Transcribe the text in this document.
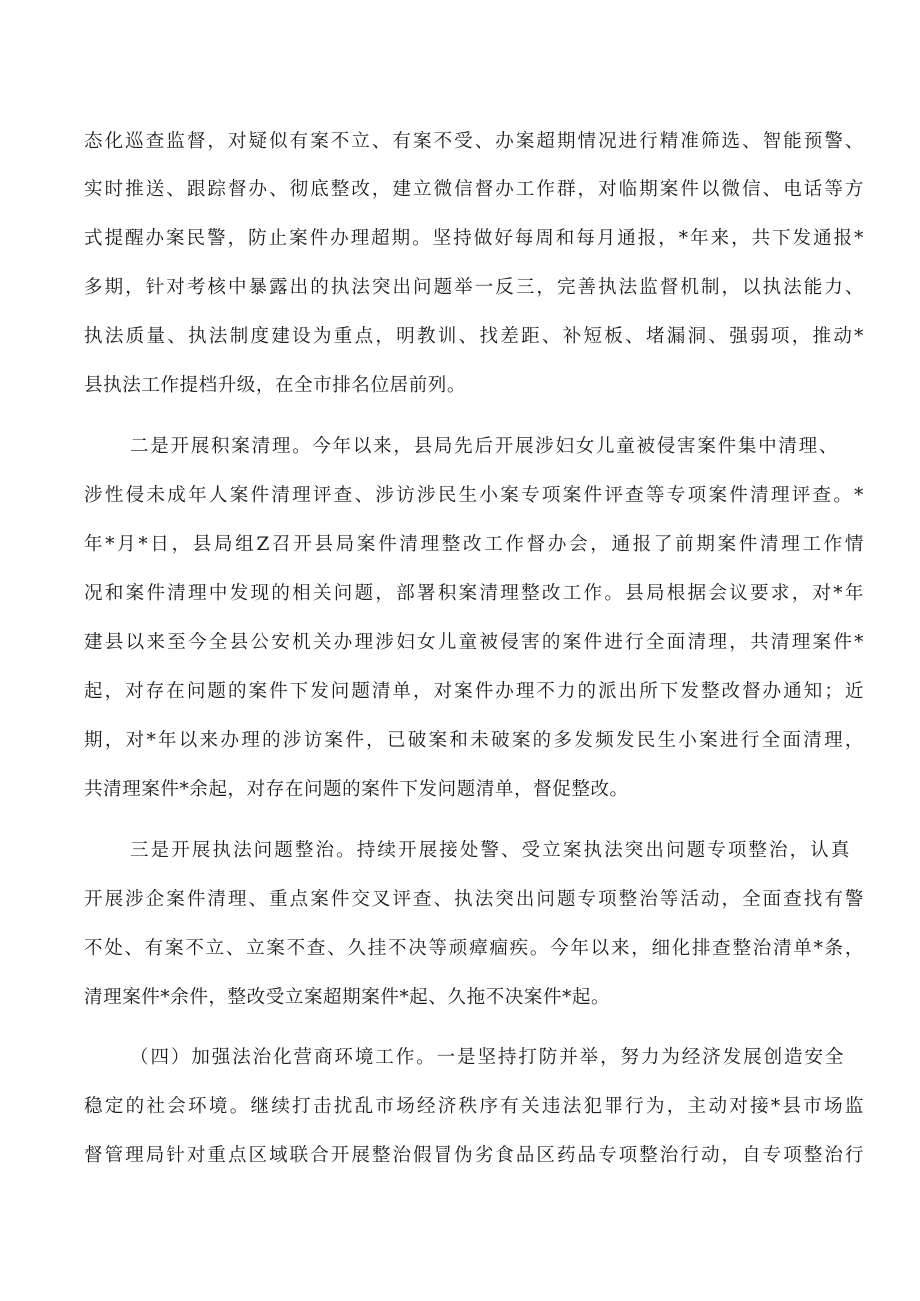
态化巡查监督，对疑似有案不立、有案不受、办案超期情况进行精准筛选、智能预警、
实时推送、跟踪督办、彻底整改，建立微信督办工作群，对临期案件以微信、电话等方
式提醒办案民警，防止案件办理超期。坚持做好每周和每月通报，*年来，共下发通报*
多期，针对考核中暴露出的执法突出问题举一反三，完善执法监督机制，以执法能力、
执法质量、执法制度建设为重点，明教训、找差距、补短板、堵漏洞、强弱项，推动*
县执法工作提档升级，在全市排名位居前列。
二是开展积案清理。今年以来，县局先后开展涉妇女儿童被侵害案件集中清理、
涉性侵未成年人案件清理评查、涉访涉民生小案专项案件评查等专项案件清理评查。*
年*月*日，县局组Z召开县局案件清理整改工作督办会，通报了前期案件清理工作情
况和案件清理中发现的相关问题，部署积案清理整改工作。县局根据会议要求，对*年
建县以来至今全县公安机关办理涉妇女儿童被侵害的案件进行全面清理，共清理案件*
起，对存在问题的案件下发问题清单，对案件办理不力的派出所下发整改督办通知；近
期，对*年以来办理的涉访案件，已破案和未破案的多发频发民生小案进行全面清理，
共清理案件*余起，对存在问题的案件下发问题清单，督促整改。
三是开展执法问题整治。持续开展接处警、受立案执法突出问题专项整治，认真
开展涉企案件清理、重点案件交叉评查、执法突出问题专项整治等活动，全面查找有警
不处、有案不立、立案不查、久挂不决等顽瘴痼疾。今年以来，细化排查整治清单*条，
清理案件*余件，整改受立案超期案件*起、久拖不决案件*起。
（四）加强法治化营商环境工作。一是坚持打防并举，努力为经济发展创造安全
稳定的社会环境。继续打击扰乱市场经济秩序有关违法犯罪行为，主动对接*县市场监
督管理局针对重点区域联合开展整治假冒伪劣食品区药品专项整治行动，自专项整治行
